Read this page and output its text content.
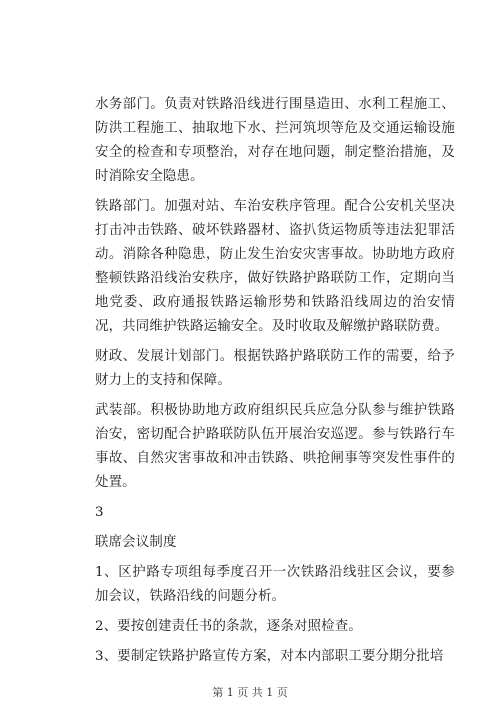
水务部门。负责对铁路沿线进行围垦造田、水利工程施工、防洪工程施工、抽取地下水、拦河筑坝等危及交通运输设施安全的检查和专项整治，对存在地问题，制定整治措施，及时消除安全隐患。

铁路部门。加强对站、车治安秩序管理。配合公安机关坚决打击冲击铁路、破坏铁路器材、盗扒货运物质等违法犯罪活动。消除各种隐患，防止发生治安灾害事故。协助地方政府整顿铁路沿线治安秩序，做好铁路护路联防工作，定期向当地党委、政府通报铁路运输形势和铁路沿线周边的治安情况，共同维护铁路运输安全。及时收取及解缴护路联防费。

财政、发展计划部门。根据铁路护路联防工作的需要，给予财力上的支持和保障。

武装部。积极协助地方政府组织民兵应急分队参与维护铁路治安，密切配合护路联防队伍开展治安巡逻。参与铁路行车事故、自然灾害事故和冲击铁路、哄抢闸事等突发性事件的处置。

3

联席会议制度

1、区护路专项组每季度召开一次铁路沿线驻区会议，要参加会议，铁路沿线的问题分析。

2、要按创建责任书的条款，逐条对照检查。

3、要制定铁路护路宣传方案，对本内部职工要分期分批培

第 1 页 共 1 页
